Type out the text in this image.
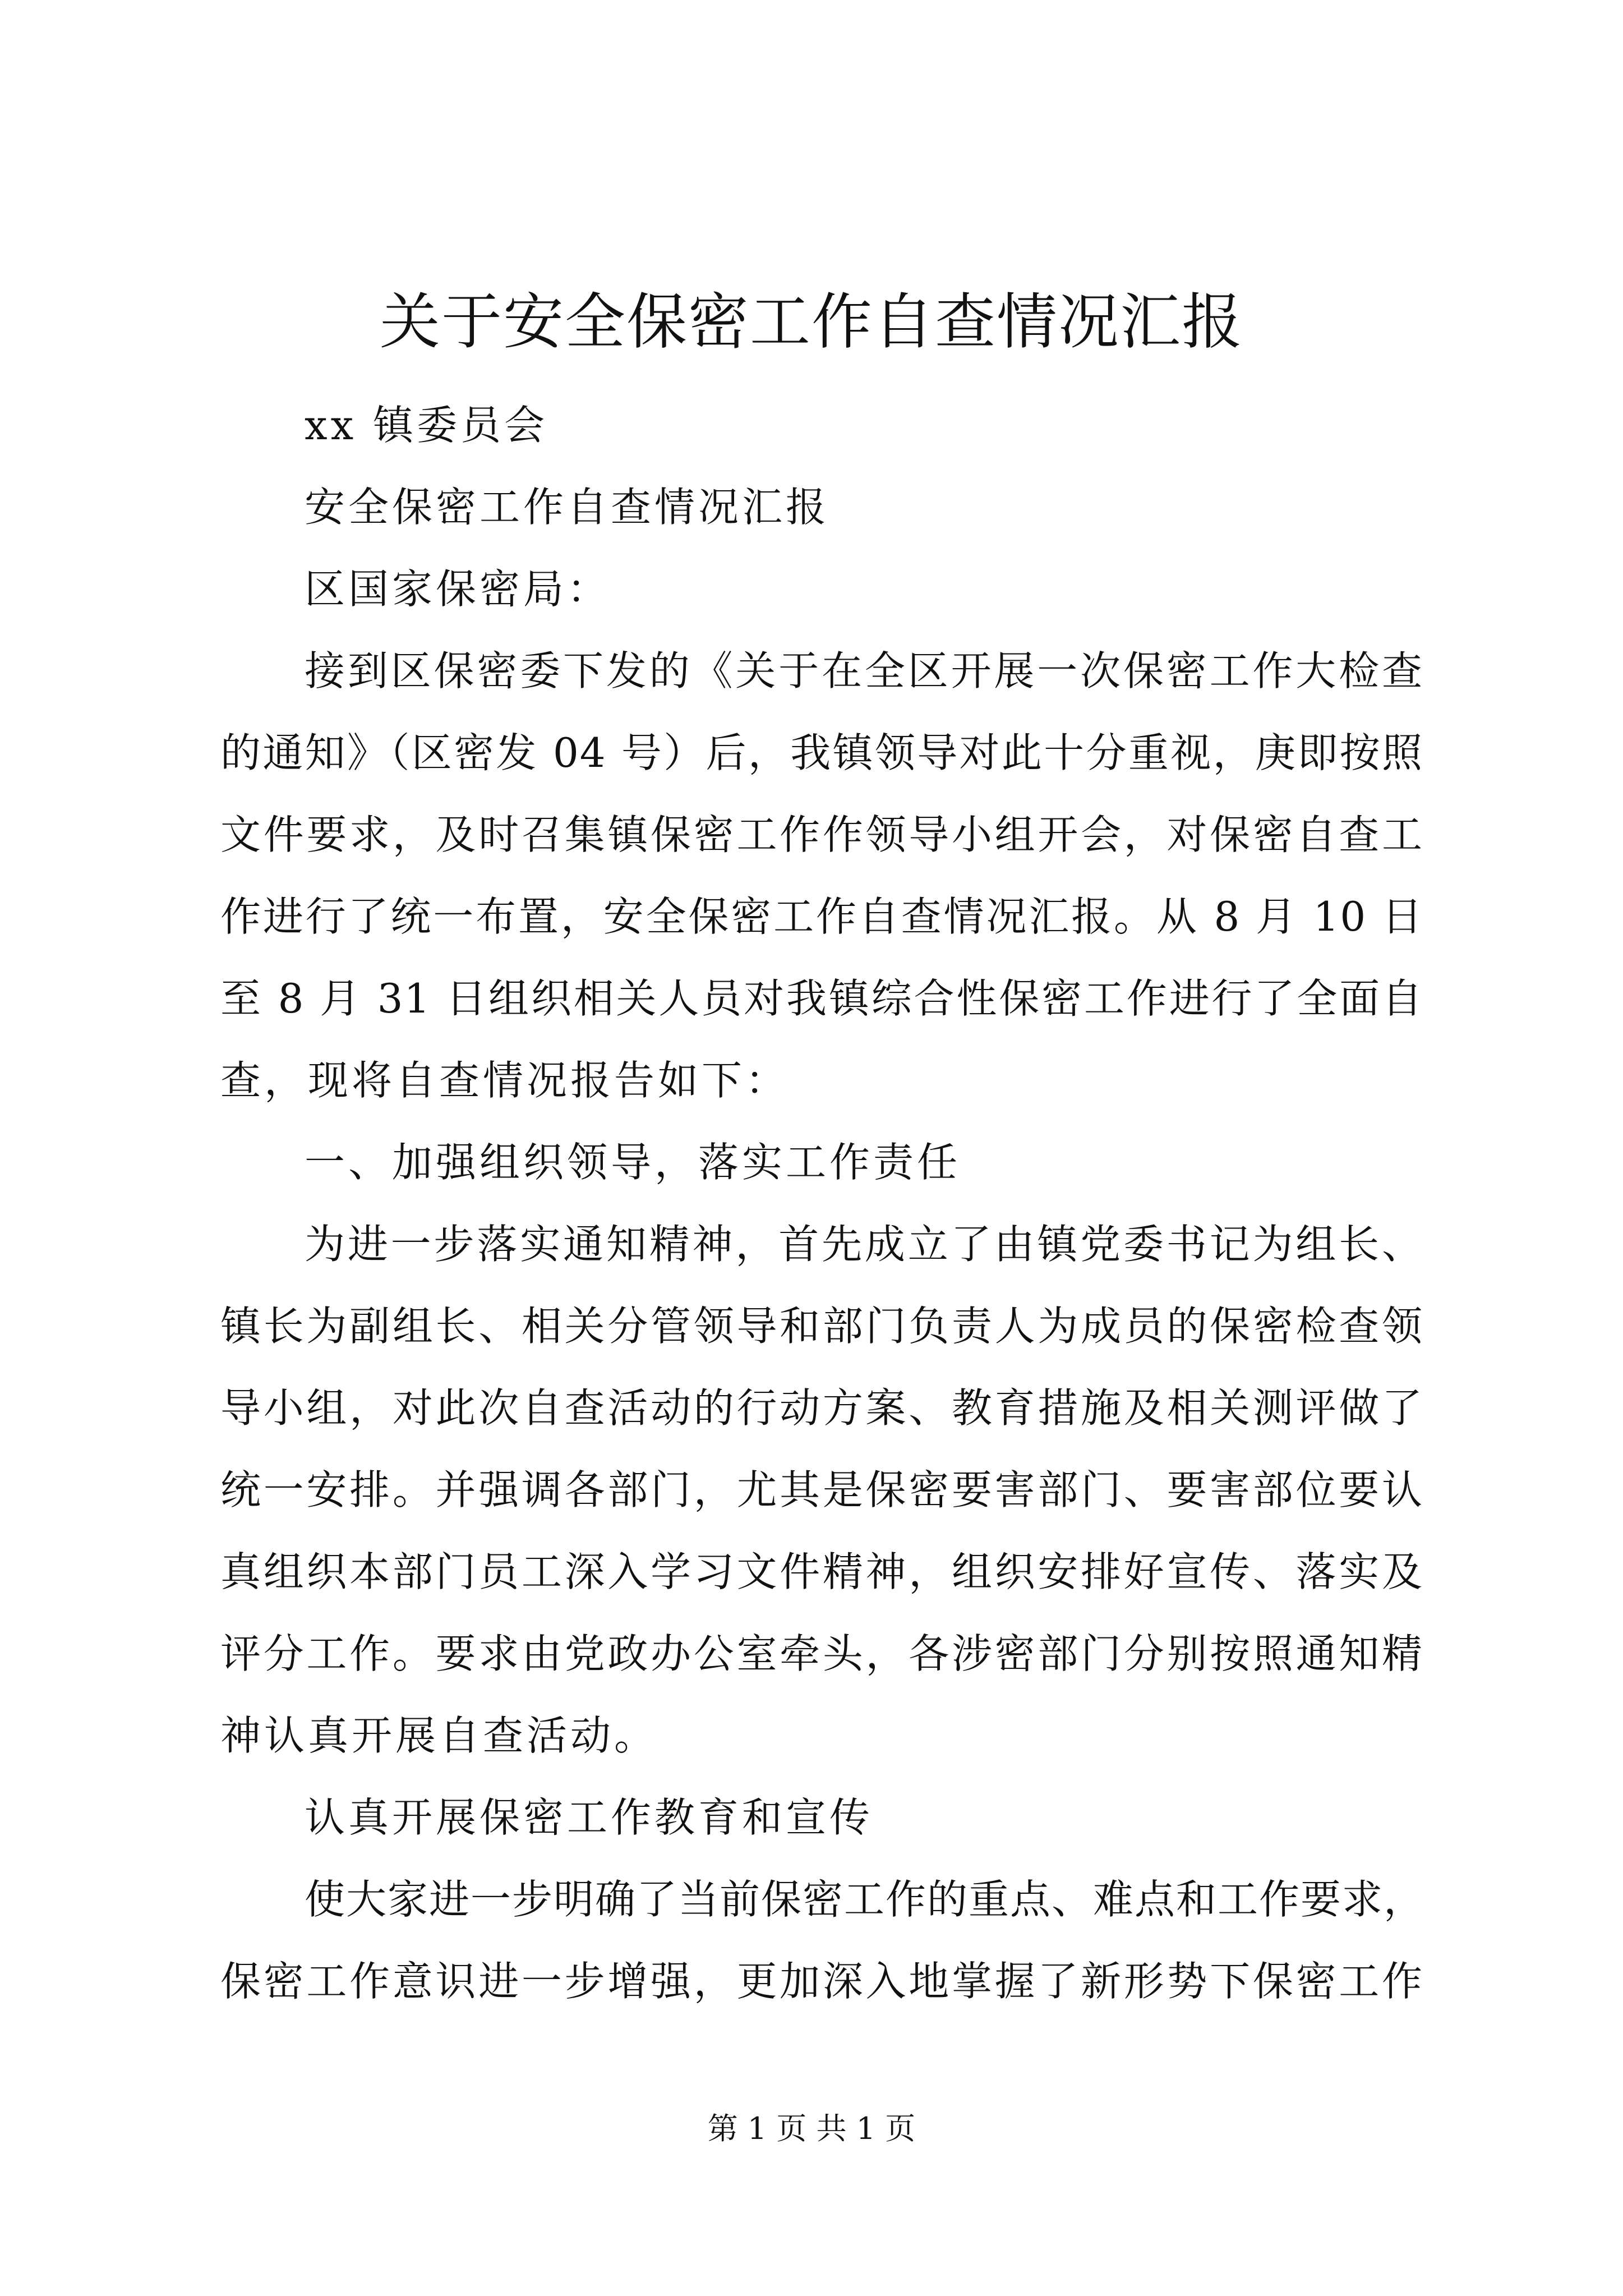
关于安全保密工作自查情况汇报
xx 镇委员会
安全保密工作自查情况汇报
区国家保密局：
接到区保密委下发的《关于在全区开展一次保密工作大检查
的通知》（区密发 04 号）后，我镇领导对此十分重视，庚即按照
文件要求，及时召集镇保密工作作领导小组开会，对保密自查工
作进行了统一布置，安全保密工作自查情况汇报。从 8 月 10 日
至 8 月 31 日组织相关人员对我镇综合性保密工作进行了全面自
查，现将自查情况报告如下：
一、加强组织领导，落实工作责任
为进一步落实通知精神，首先成立了由镇党委书记为组长、
镇长为副组长、相关分管领导和部门负责人为成员的保密检查领
导小组，对此次自查活动的行动方案、教育措施及相关测评做了
统一安排。并强调各部门，尤其是保密要害部门、要害部位要认
真组织本部门员工深入学习文件精神，组织安排好宣传、落实及
评分工作。要求由党政办公室牵头，各涉密部门分别按照通知精
神认真开展自查活动。
认真开展保密工作教育和宣传
使大家进一步明确了当前保密工作的重点、难点和工作要求，
保密工作意识进一步增强，更加深入地掌握了新形势下保密工作
第 1 页 共 1 页
